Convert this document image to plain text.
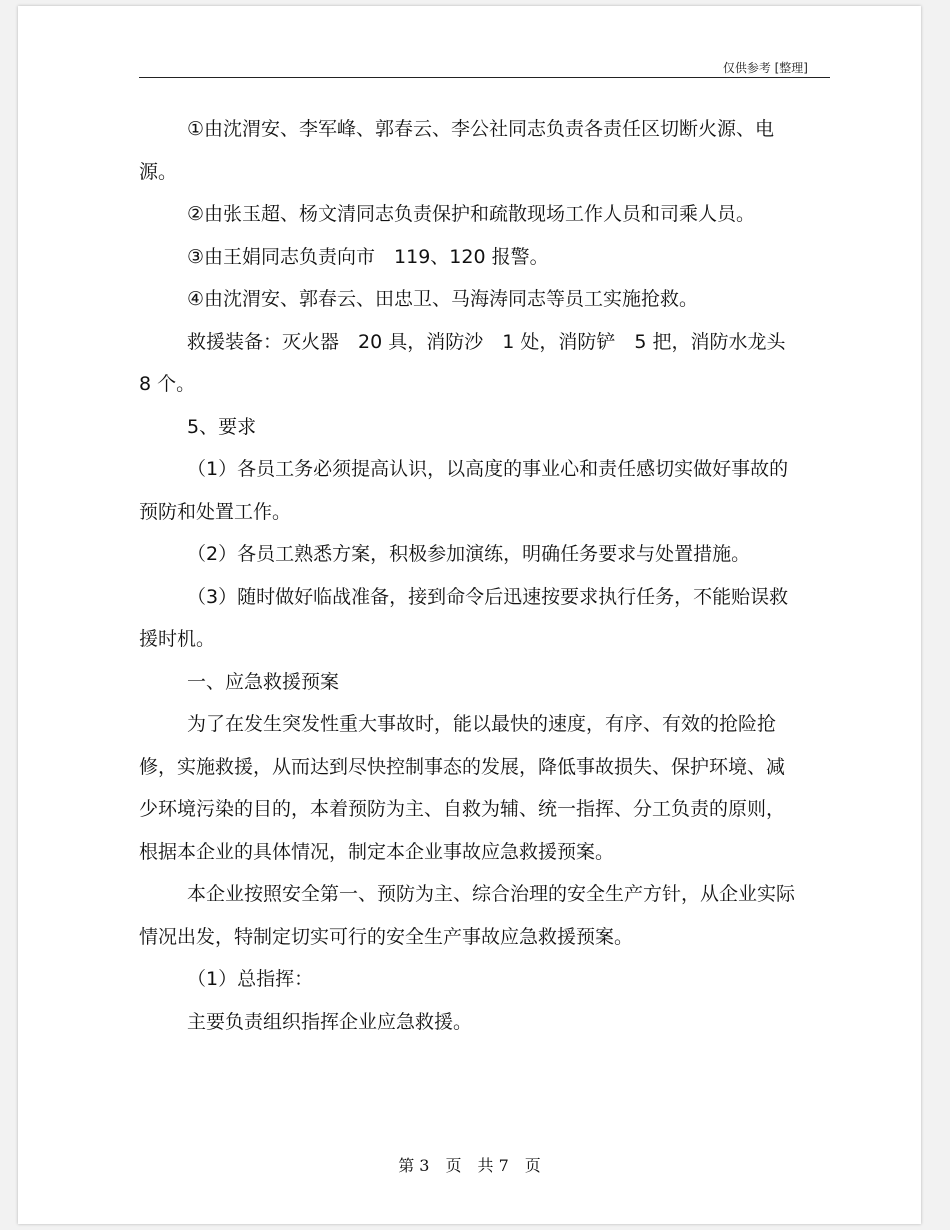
仅供参考 [整理]

①由沈渭安、李军峰、郭春云、李公社同志负责各责任区切断火源、电源。

②由张玉超、杨文清同志负责保护和疏散现场工作人员和司乘人员。

③由王娟同志负责向市　119、120 报警。

④由沈渭安、郭春云、田忠卫、马海涛同志等员工实施抢救。

救援装备：灭火器　20 具，消防沙　1 处，消防铲　5 把，消防水龙头 8 个。

5、要求

（1）各员工务必须提高认识，以高度的事业心和责任感切实做好事故的预防和处置工作。

（2）各员工熟悉方案，积极参加演练，明确任务要求与处置措施。

（3）随时做好临战准备，接到命令后迅速按要求执行任务，不能贻误救援时机。

一、应急救援预案

为了在发生突发性重大事故时，能以最快的速度，有序、有效的抢险抢修，实施救援，从而达到尽快控制事态的发展，降低事故损失、保护环境、减少环境污染的目的，本着预防为主、自救为辅、统一指挥、分工负责的原则，根据本企业的具体情况，制定本企业事故应急救援预案。

本企业按照安全第一、预防为主、综合治理的安全生产方针，从企业实际情况出发，特制定切实可行的安全生产事故应急救援预案。

（1）总指挥：

主要负责组织指挥企业应急救援。

第 3　页　共 7　页
